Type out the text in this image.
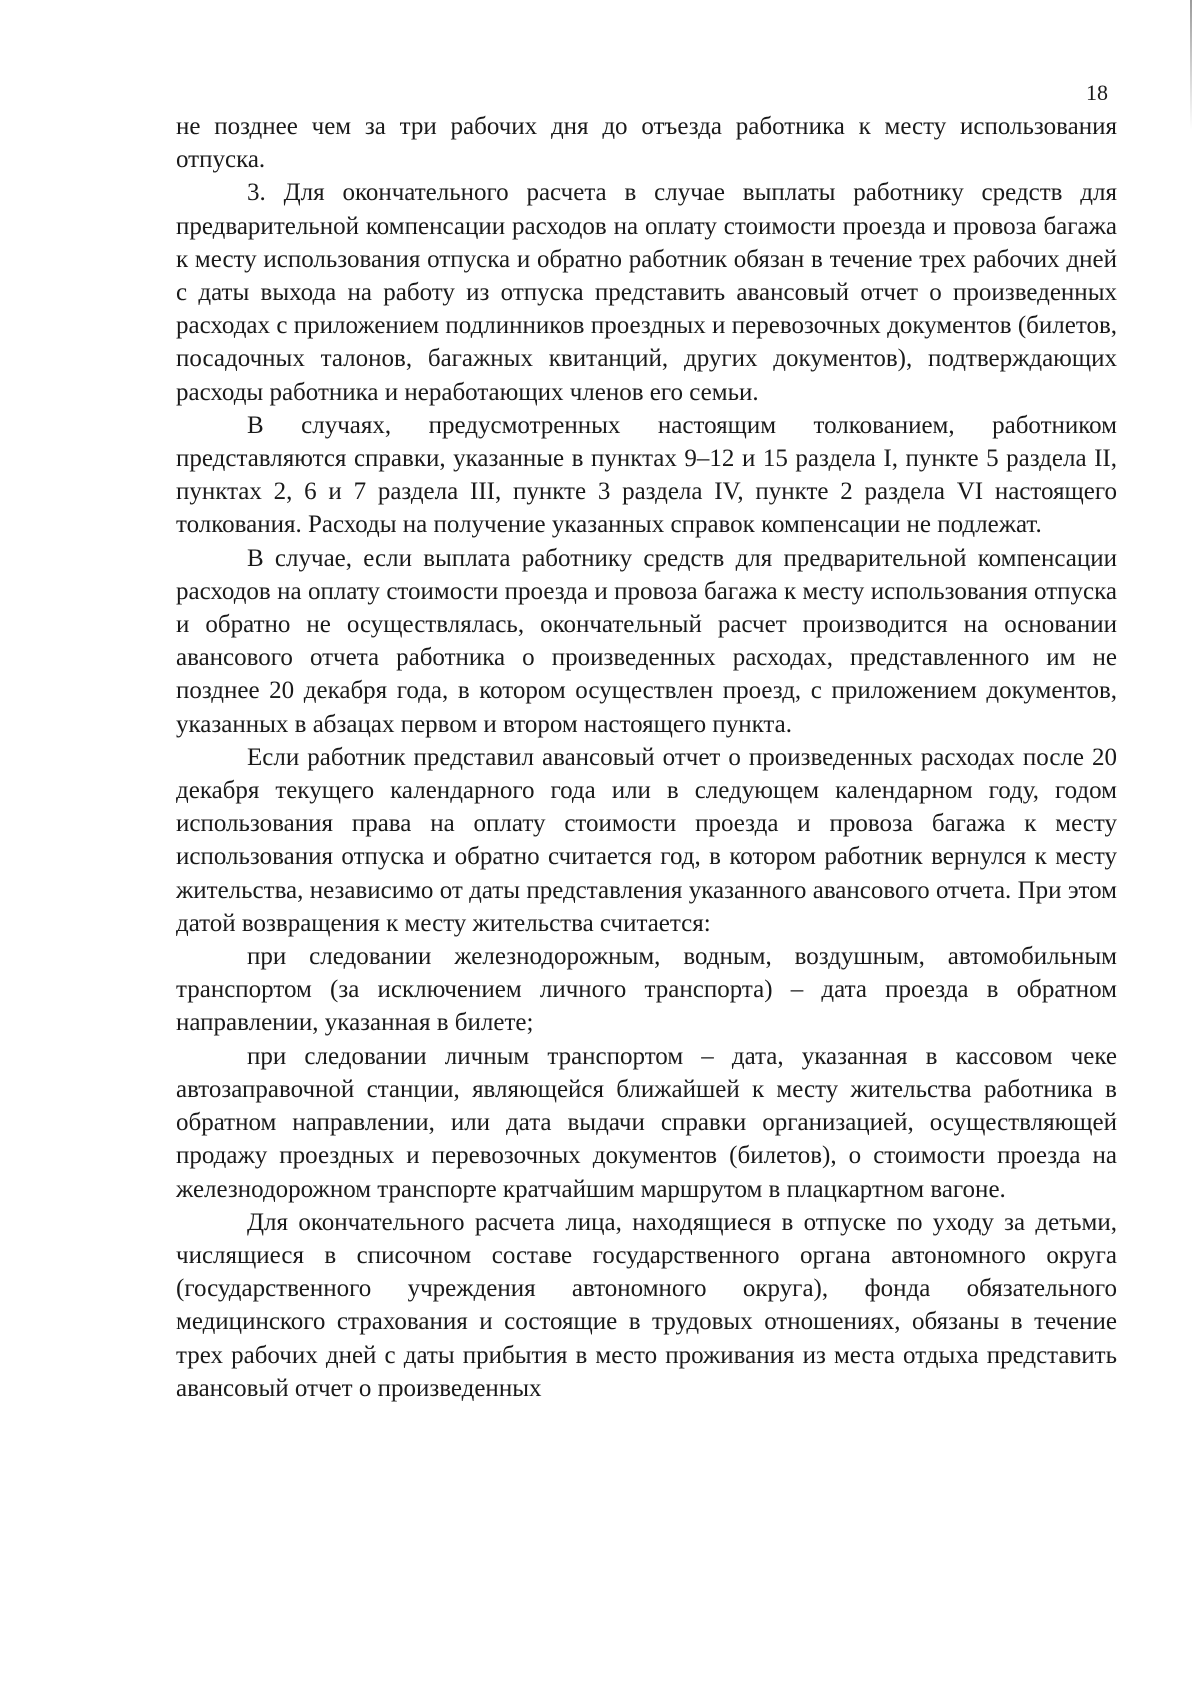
18

не позднее чем за три рабочих дня до отъезда работника к месту использования отпуска.

3. Для окончательного расчета в случае выплаты работнику средств для предварительной компенсации расходов на оплату стоимости проезда и провоза багажа к месту использования отпуска и обратно работник обязан в течение трех рабочих дней с даты выхода на работу из отпуска представить авансовый отчет о произведенных расходах с приложением подлинников проездных и перевозочных документов (билетов, посадочных талонов, багажных квитанций, других документов), подтверждающих расходы работника и неработающих членов его семьи.

В случаях, предусмотренных настоящим толкованием, работником представляются справки, указанные в пунктах 9–12 и 15 раздела I, пункте 5 раздела II, пунктах 2, 6 и 7 раздела III, пункте 3 раздела IV, пункте 2 раздела VI настоящего толкования. Расходы на получение указанных справок компенсации не подлежат.

В случае, если выплата работнику средств для предварительной компенсации расходов на оплату стоимости проезда и провоза багажа к месту использования отпуска и обратно не осуществлялась, окончательный расчет производится на основании авансового отчета работника о произведенных расходах, представленного им не позднее 20 декабря года, в котором осуществлен проезд, с приложением документов, указанных в абзацах первом и втором настоящего пункта.

Если работник представил авансовый отчет о произведенных расходах после 20 декабря текущего календарного года или в следующем календарном году, годом использования права на оплату стоимости проезда и провоза багажа к месту использования отпуска и обратно считается год, в котором работник вернулся к месту жительства, независимо от даты представления указанного авансового отчета. При этом датой возвращения к месту жительства считается:

при следовании железнодорожным, водным, воздушным, автомобильным транспортом (за исключением личного транспорта) – дата проезда в обратном направлении, указанная в билете;

при следовании личным транспортом – дата, указанная в кассовом чеке автозаправочной станции, являющейся ближайшей к месту жительства работника в обратном направлении, или дата выдачи справки организацией, осуществляющей продажу проездных и перевозочных документов (билетов), о стоимости проезда на железнодорожном транспорте кратчайшим маршрутом в плацкартном вагоне.

Для окончательного расчета лица, находящиеся в отпуске по уходу за детьми, числящиеся в списочном составе государственного органа автономного округа (государственного учреждения автономного округа), фонда обязательного медицинского страхования и состоящие в трудовых отношениях, обязаны в течение трех рабочих дней с даты прибытия в место проживания из места отдыха представить авансовый отчет о произведенных
